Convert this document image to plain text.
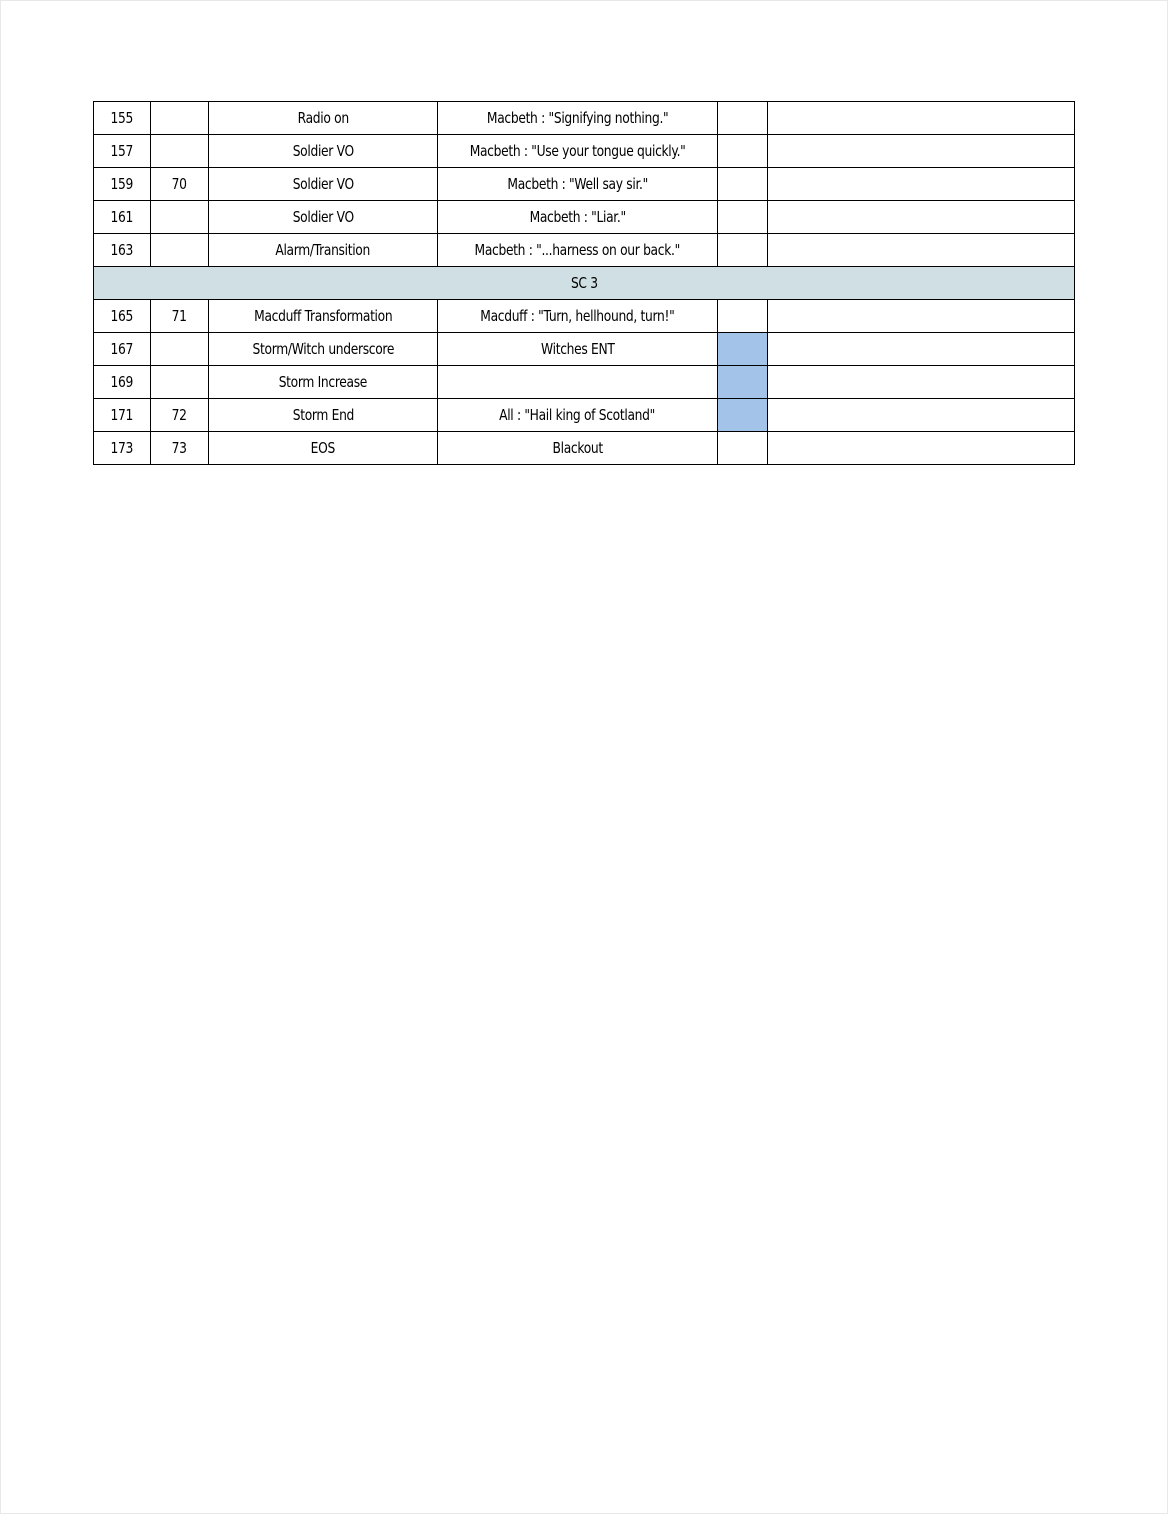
155		Radio on	Macbeth : "Signifying nothing."		
157		Soldier VO	Macbeth : "Use your tongue quickly."		
159	70	Soldier VO	Macbeth : "Well say sir."		
161		Soldier VO	Macbeth : "Liar."		
163		Alarm/Transition	Macbeth : "...harness on our back."		
SC 3					
165	71	Macduff Transformation	Macduff : "Turn, hellhound, turn!"		
167		Storm/Witch underscore	Witches ENT		
169		Storm Increase			
171	72	Storm End	All : "Hail king of Scotland"		
173	73	EOS	Blackout		
